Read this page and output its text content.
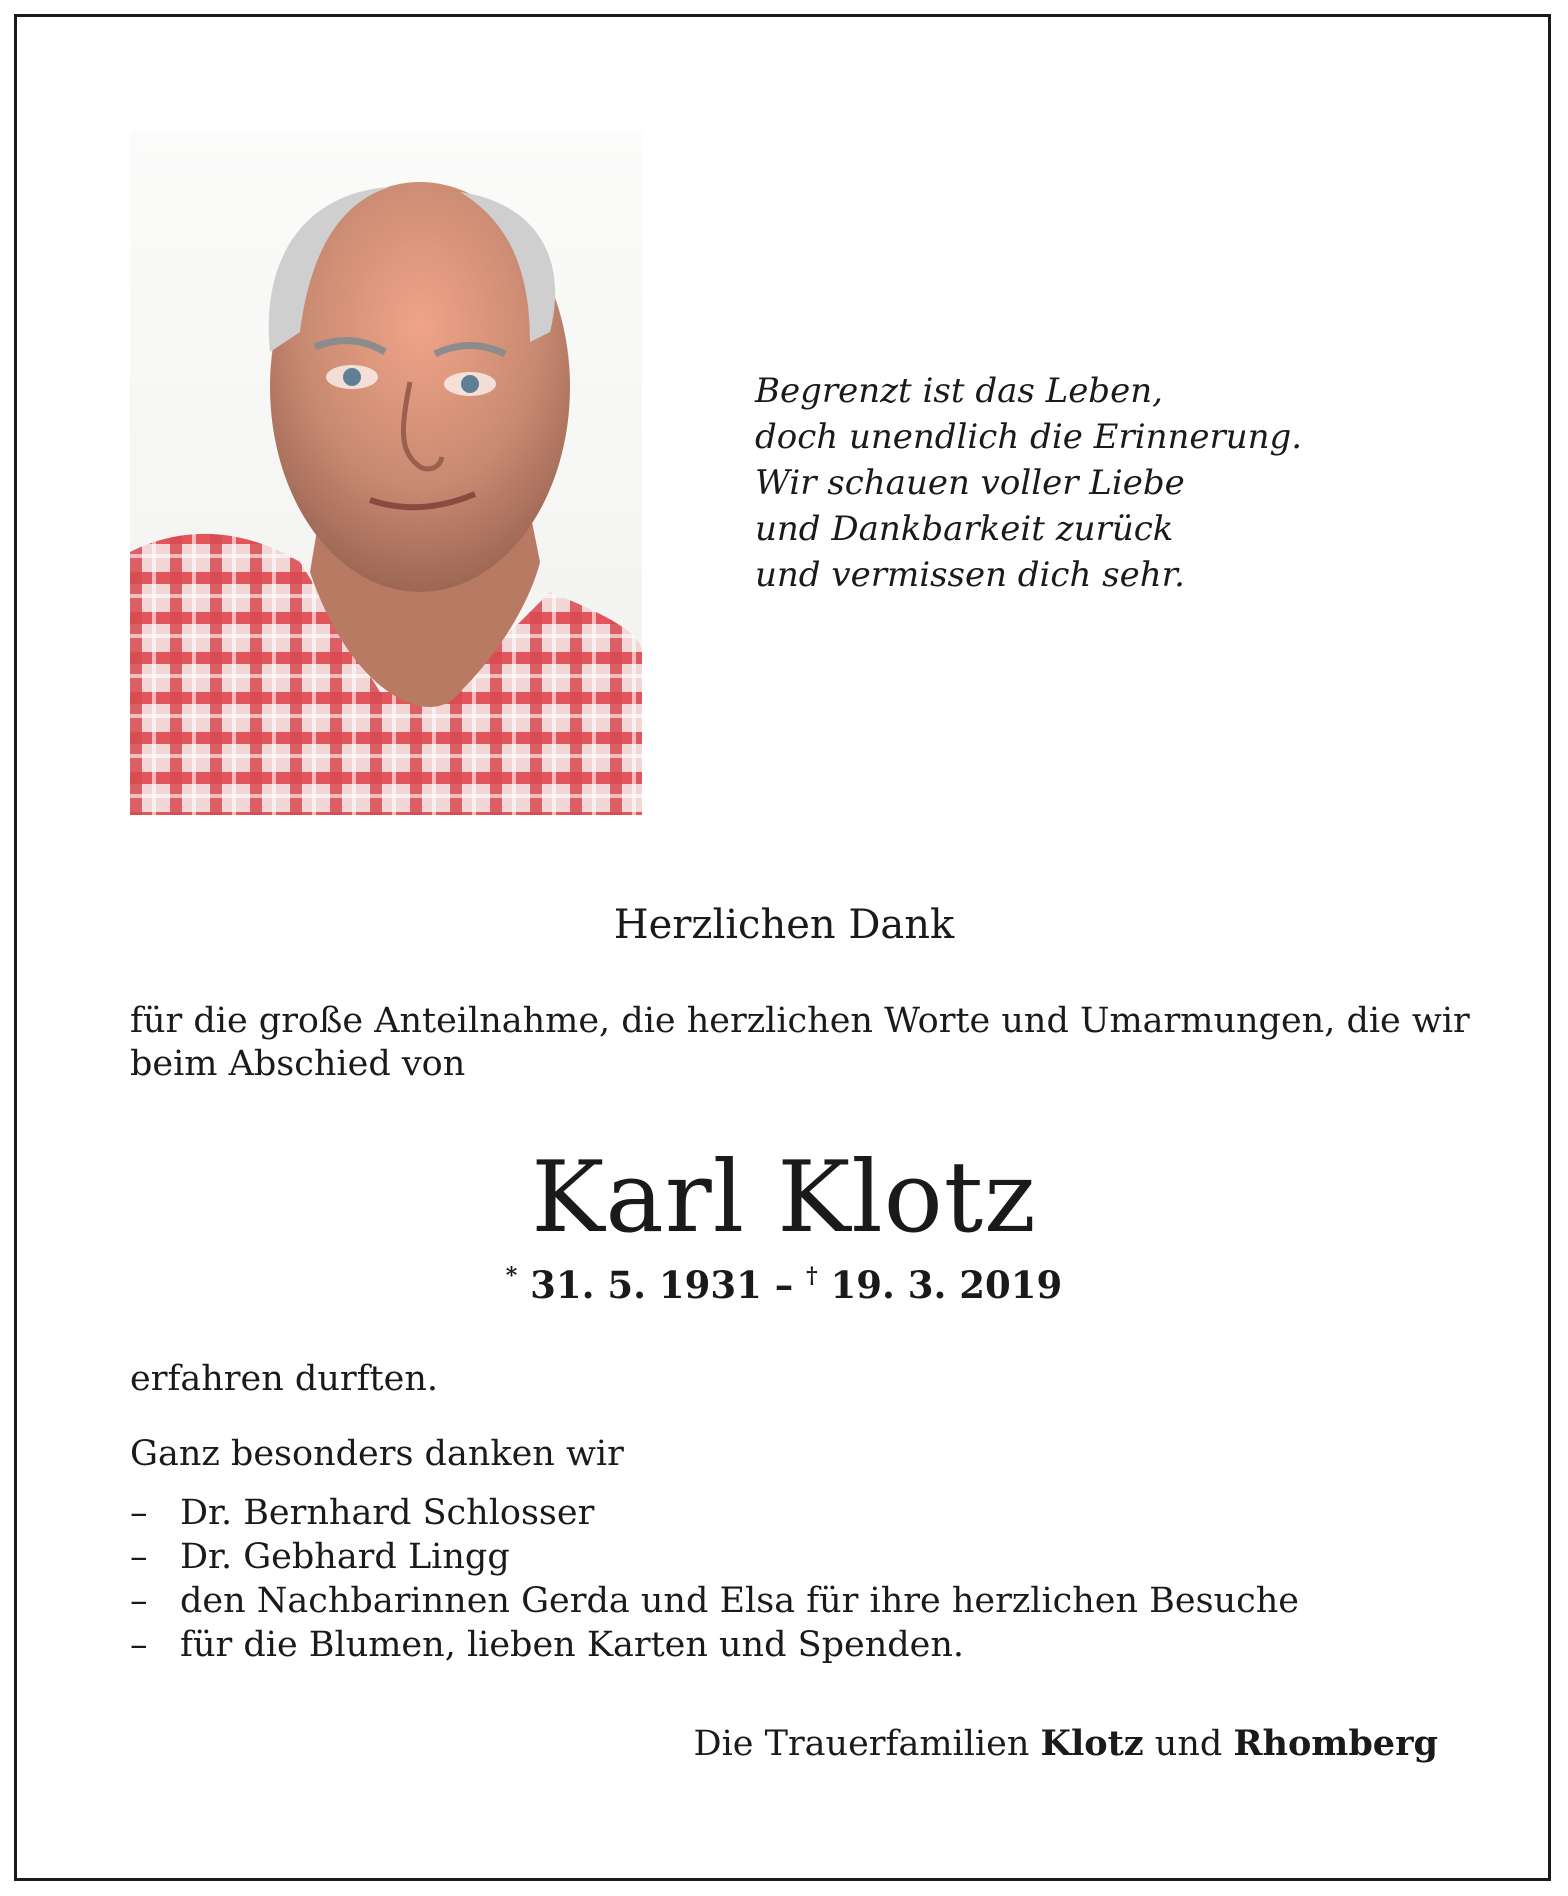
Begrenzt ist das Leben,
doch unendlich die Erinnerung.
Wir schauen voller Liebe
und Dankbarkeit zurück
und vermissen dich sehr.
Herzlichen Dank
für die große Anteilnahme, die herzlichen Worte und Umarmungen, die wir
beim Abschied von
Karl Klotz
* 31. 5. 1931 – † 19. 3. 2019
erfahren durften.
Ganz besonders danken wir
– Dr. Bernhard Schlosser
– Dr. Gebhard Lingg
– den Nachbarinnen Gerda und Elsa für ihre herzlichen Besuche
– für die Blumen, lieben Karten und Spenden.
Die Trauerfamilien Klotz und Rhomberg
